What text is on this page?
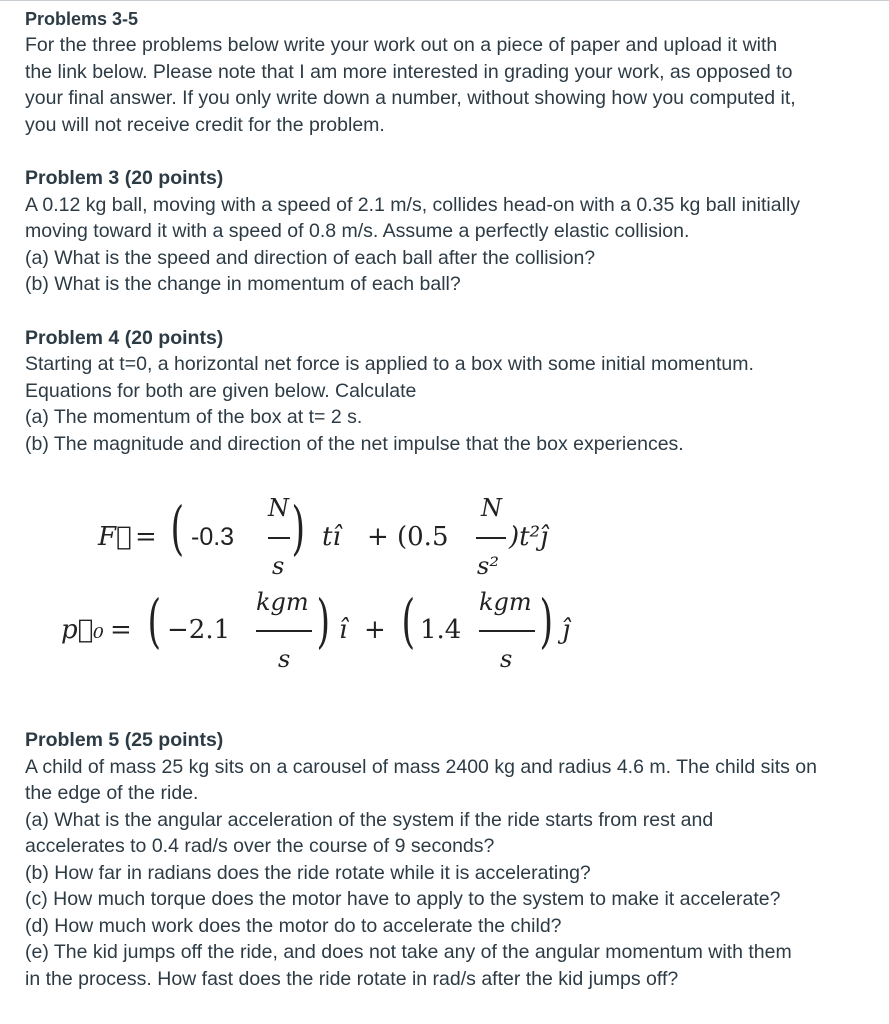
Problems 3-5

For the three problems below write your work out on a piece of paper and upload it with
the link below. Please note that I am more interested in grading your work, as opposed to
your final answer. If you only write down a number, without showing how you computed it,
you will not receive credit for the problem.

Problem 3 (20 points)

A 0.12 kg ball, moving with a speed of 2.1 m/s, collides head-on with a 0.35 kg ball initially
moving toward it with a speed of 0.8 m/s. Assume a perfectly elastic collision.
(a) What is the speed and direction of each ball after the collision?
(b) What is the change in momentum of each ball?

Problem 4 (20 points)

Starting at t=0, a horizontal net force is applied to a box with some initial momentum.
Equations for both are given below. Calculate
(a) The momentum of the box at t= 2 s.
(b) The magnitude and direction of the net impulse that the box experiences.

F⃗ = ( -0.3
N
s
) tî + (0.5
N
s²
)t²ĵ
p⃗₀ = ( −2.1
kgm
s
) î + ( 1.4
kgm
s
) ĵ

Problem 5 (25 points)

A child of mass 25 kg sits on a carousel of mass 2400 kg and radius 4.6 m. The child sits on
the edge of the ride.
(a) What is the angular acceleration of the system if the ride starts from rest and
accelerates to 0.4 rad/s over the course of 9 seconds?
(b) How far in radians does the ride rotate while it is accelerating?
(c) How much torque does the motor have to apply to the system to make it accelerate?
(d) How much work does the motor do to accelerate the child?
(e) The kid jumps off the ride, and does not take any of the angular momentum with them
in the process. How fast does the ride rotate in rad/s after the kid jumps off?
